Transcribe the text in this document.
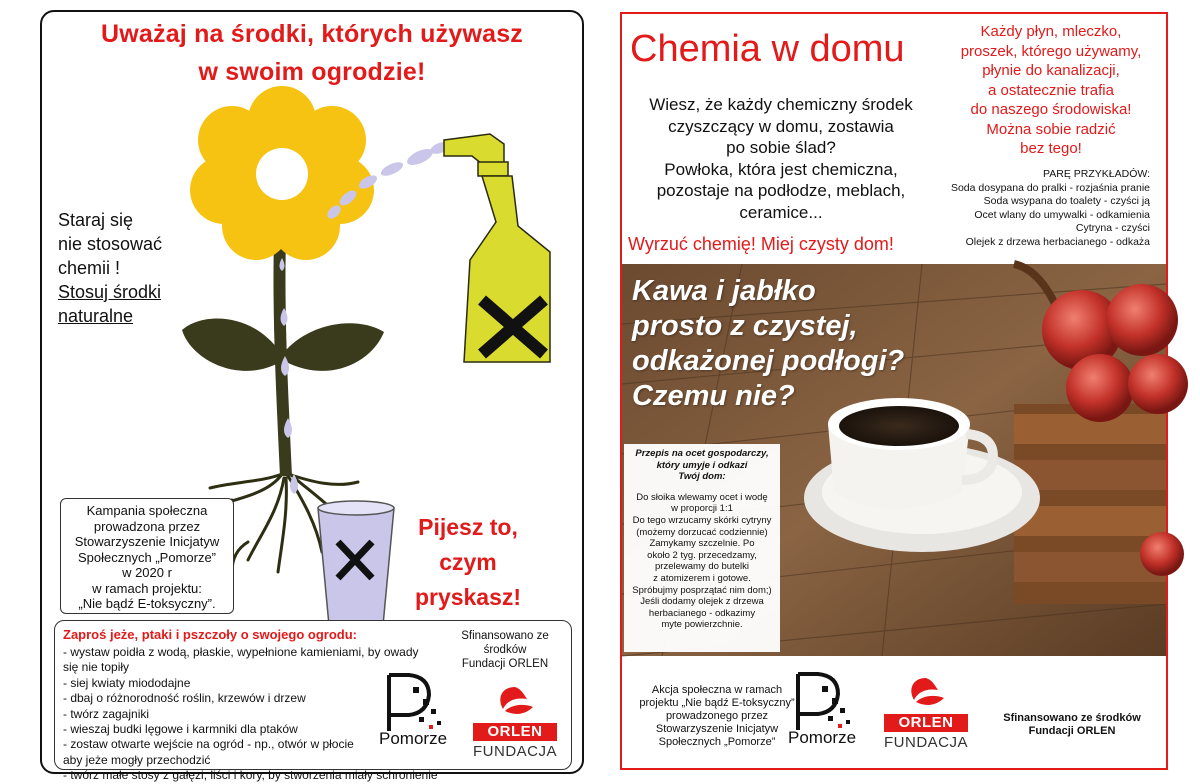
Uważaj na środki, których używasz
w swoim ogrodzie!
Staraj się
nie stosować
chemii !
Stosuj środki
naturalne
Kampania społeczna
prowadzona przez
Stowarzyszenie Inicjatyw
Społecznych „Pomorze”
w 2020 r
w ramach projektu:
„Nie bądź E-toksyczny”.
Pijesz to,
czym
pryskasz!
Zaproś jeże, ptaki i pszczoły o swojego ogrodu:
- wystaw poidła z wodą, płaskie, wypełnione kamieniami, by owady
się nie topiły
- siej kwiaty miododajne
- dbaj o różnorodność roślin, krzewów i drzew
- twórz zagajniki
- wieszaj budki lęgowe i karmniki dla ptaków
- zostaw otwarte wejście na ogród - np., otwór w płocie
aby jeże mogły przechodzić
- twórz małe stosy z gałęzi, liści i kory, by stworzenia miały schronienie
Sfinansowano ze środków
Fundacji ORLEN
Pomorze	ORLEN
FUNDACJA
Chemia w domu
Wiesz, że każdy chemiczny środek
czyszczący w domu, zostawia
po sobie ślad?
Powłoka, która jest chemiczna,
pozostaje na podłodze, meblach,
ceramice...
Wyrzuć chemię! Miej czysty dom!
Każdy płyn, mleczko,
proszek, którego używamy,
płynie do kanalizacji,
a ostatecznie trafia
do naszego środowiska!
Można sobie radzić
bez tego!
PARĘ PRZYKŁADÓW:
Soda dosypana do pralki - rozjaśnia pranie
Soda wsypana do toalety - czyści ją
Ocet wlany do umywalki - odkamienia
Cytryna - czyści
Olejek z drzewa herbacianego - odkaża
Kawa i jabłko
prosto z czystej,
odkażonej podłogi?
Czemu nie?
Przepis na ocet gospodarczy,
który umyje i odkazi
Twój dom:
Do słoika wlewamy ocet i wodę
w proporcji 1:1
Do tego wrzucamy skórki cytryny
(możemy dorzucać codziennie)
Zamykamy szczelnie. Po
około 2 tyg. przecedzamy,
przelewamy do butelki
z atomizerem i gotowe.
Spróbujmy posprzątać nim dom;)
Jeśli dodamy olejek z drzewa
herbacianego - odkazimy
myte powierzchnie.
Akcja społeczna w ramach
projektu „Nie bądź E-toksyczny”
prowadzonego przez
Stowarzyszenie Inicjatyw
Społecznych „Pomorze” Pomorze
ORLEN
FUNDACJA
Sfinansowano ze środków
Fundacji ORLEN
